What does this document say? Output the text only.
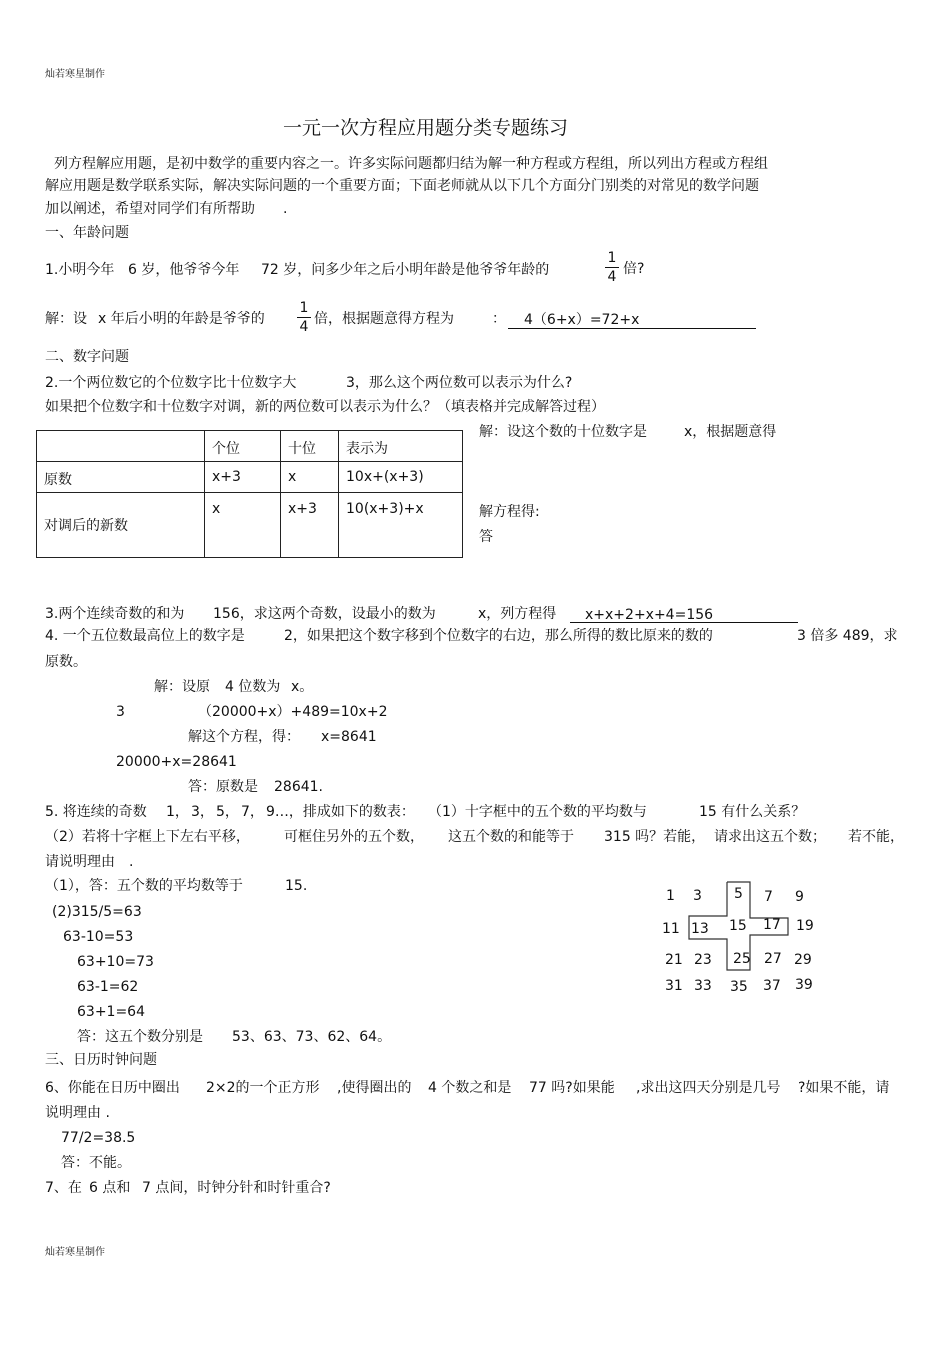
灿若寒星制作
一元一次方程应用题分类专题练习
列方程解应用题，是初中数学的重要内容之一。许多实际问题都归结为解一种方程或方程组，所以列出方程或方程组
解应用题是数学联系实际，解决实际问题的一个重要方面；下面老师就从以下几个方面分门别类的对常见的数学问题
加以阐述，希望对同学们有所帮助　　.
一、年龄问题
1.小明今年 6 岁，他爷爷今年 72 岁，问多少年之后小明年龄是他爷爷年龄的
1
4 倍?
解：设 x 年后小明的年龄是爷爷的
1
4 倍，根据题意得方程为	： 4（6+x）=72+x
二、数字问题
2.一个两位数它的个位数字比十位数字大	3，那么这个两位数可以表示为什么?
如果把个位数字和十位数字对调，新的两位数可以表示为什么？（填表格并完成解答过程）
	个位	十位	表示为
原数	x+3	x	10x+(x+3)
对调后的新数	x	x+3	10(x+3)+x
解：设这个数的十位数字是	x，根据题意得
解方程得:
答
3.两个连续奇数的和为 156，求这两个奇数，设最小的数为	x，列方程得 x+x+2+x+4=156
4. 一个五位数最高位上的数字是	2，如果把这个数字移到个位数字的右边，那么所得的数比原来的数的	3 倍多 489，求
原数。
解：设原 4 位数为 x。
3	（20000+x）+489=10x+2
解这个方程，得： x=8641
20000+x=28641
答：原数是 28641.
5. 将连续的奇数 1， 3， 5， 7， 9…，排成如下的数表： （1）十字框中的五个数的平均数与	15 有什么关系？
（2）若将十字框上下左右平移， 可框住另外的五个数， 这五个数的和能等于 315 吗？若能， 请求出这五个数； 若不能，
请说明理由　.
（1），答：五个数的平均数等于	15.
(2)315/5=63
63-10=53
63+10=73
63-1=62
63+1=64
答：这五个数分别是 53、63、73、62、64。
1 3 5 7 9
11 13 15 17 19
21 23 25 27 29
31 33 35 37 39
三、日历时钟问题
6、你能在日历中圈出 2×2的一个正方形 ,使得圈出的 4 个数之和是 77 吗?如果能 ,求出这四天分别是几号 ?如果不能，请
说明理由 .
77/2=38.5
答：不能。
7、在 6 点和 7 点间，时钟分针和时针重合?
灿若寒星制作
